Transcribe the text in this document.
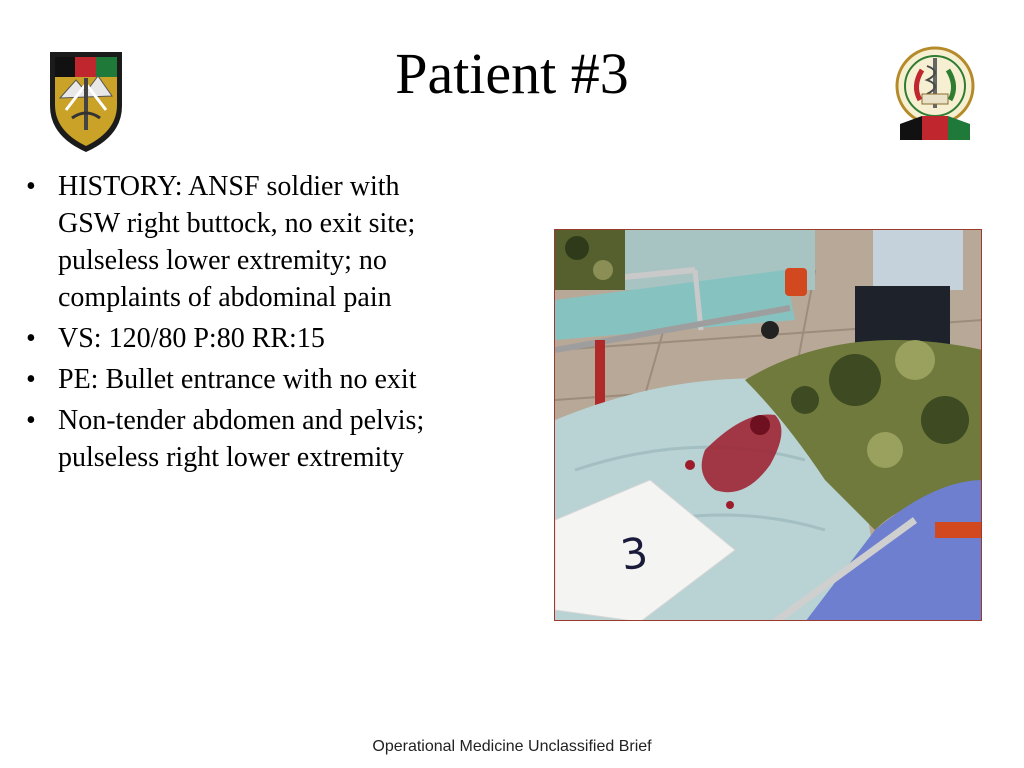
Patient #3
• HISTORY: ANSF soldier with GSW right buttock, no exit site; pulseless lower extremity; no complaints of abdominal pain
• VS: 120/80 P:80 RR:15
• PE: Bullet entrance with no exit
• Non-tender abdomen and pelvis; pulseless right lower extremity
3
Operational Medicine Unclassified Brief
